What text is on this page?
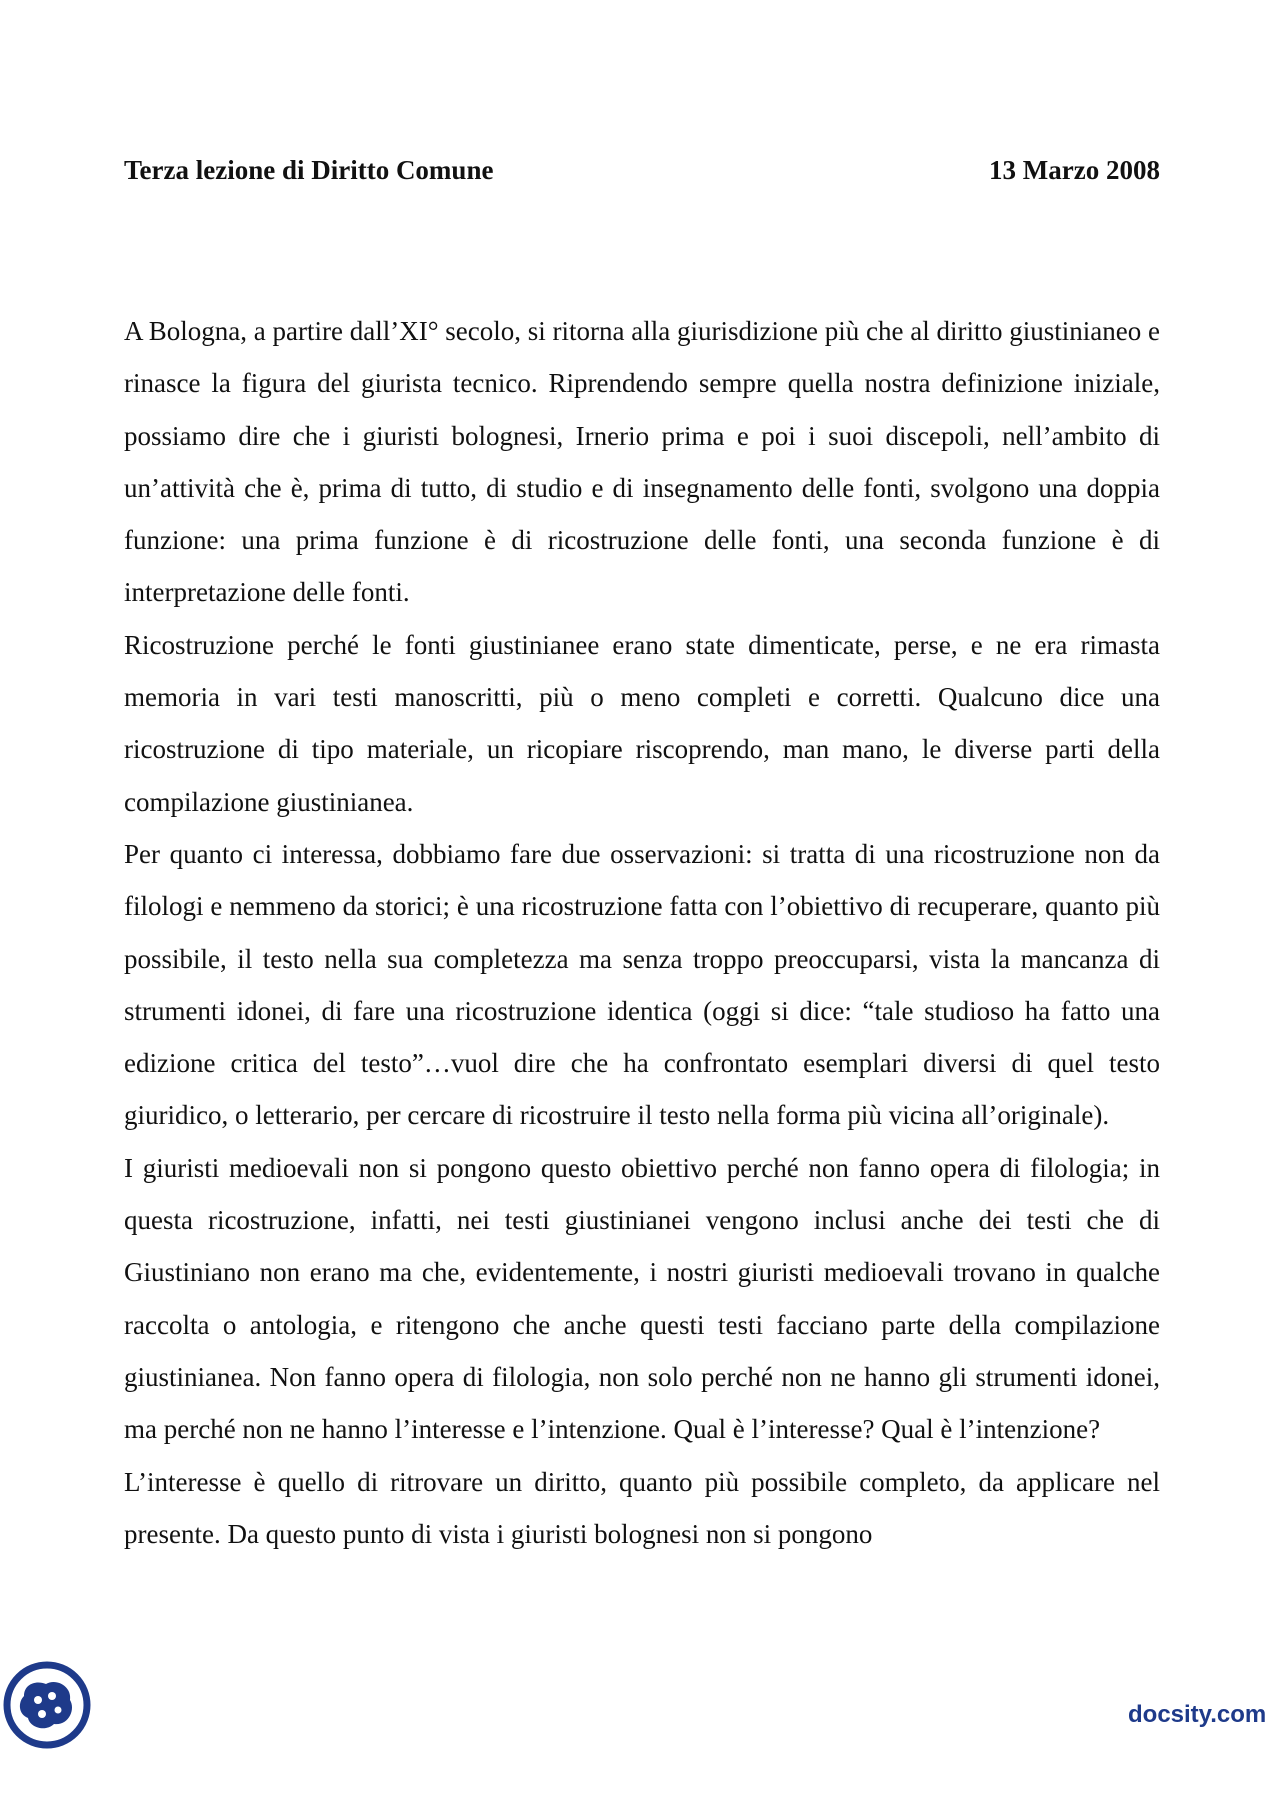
Terza lezione di Diritto Comune	13 Marzo 2008

A Bologna, a partire dall’XI° secolo, si ritorna alla giurisdizione più che al diritto giustinianeo e rinasce la figura del giurista tecnico. Riprendendo sempre quella nostra definizione iniziale, possiamo dire che i giuristi bolognesi, Irnerio prima e poi i suoi discepoli, nell’ambito di un’attività che è, prima di tutto, di studio e di insegnamento delle fonti, svolgono una doppia funzione: una prima funzione è di ricostruzione delle fonti, una seconda funzione è di interpretazione delle fonti.

Ricostruzione perché le fonti giustinianee erano state dimenticate, perse, e ne era rimasta memoria in vari testi manoscritti, più o meno completi e corretti. Qualcuno dice una ricostruzione di tipo materiale, un ricopiare riscoprendo, man mano, le diverse parti della compilazione giustinianea.

Per quanto ci interessa, dobbiamo fare due osservazioni: si tratta di una ricostruzione non da filologi e nemmeno da storici; è una ricostruzione fatta con l’obiettivo di recuperare, quanto più possibile, il testo nella sua completezza ma senza troppo preoccuparsi, vista la mancanza di strumenti idonei, di fare una ricostruzione identica (oggi si dice: “tale studioso ha fatto una edizione critica del testo”…vuol dire che ha confrontato esemplari diversi di quel testo giuridico, o letterario, per cercare di ricostruire il testo nella forma più vicina all’originale).

I giuristi medioevali non si pongono questo obiettivo perché non fanno opera di filologia; in questa ricostruzione, infatti, nei testi giustinianei vengono inclusi anche dei testi che di Giustiniano non erano ma che, evidentemente, i nostri giuristi medioevali trovano in qualche raccolta o antologia, e ritengono che anche questi testi facciano parte della compilazione giustinianea. Non fanno opera di filologia, non solo perché non ne hanno gli strumenti idonei, ma perché non ne hanno l’interesse e l’intenzione. Qual è l’interesse? Qual è l’intenzione?

L’interesse è quello di ritrovare un diritto, quanto più possibile completo, da applicare nel presente. Da questo punto di vista i giuristi bolognesi non si pongono

docsity.com
